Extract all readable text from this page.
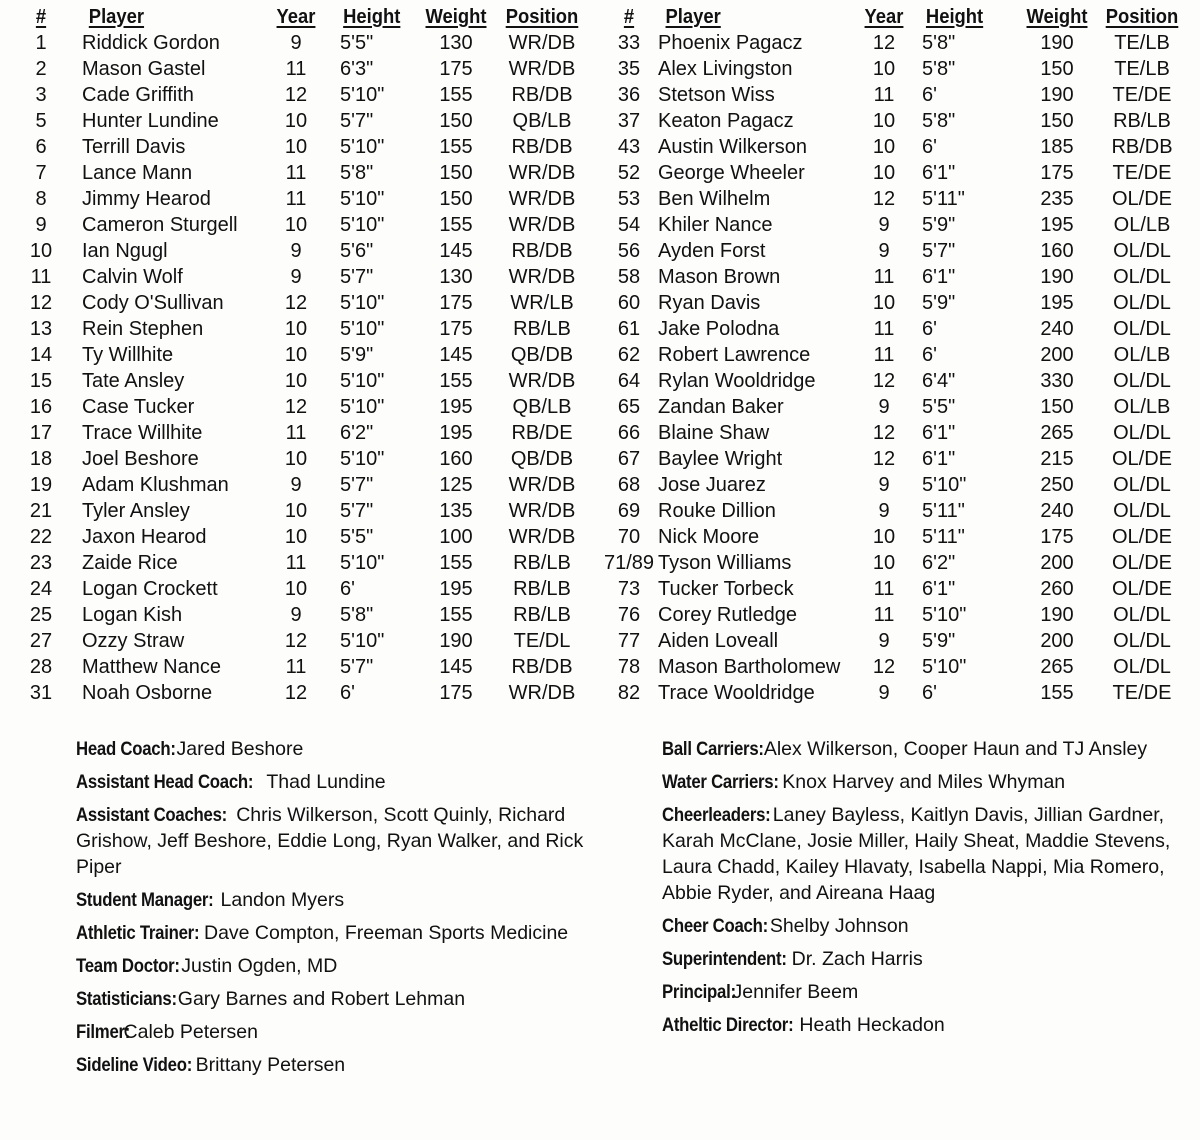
#	Player	Year	Height	Weight	Position
1	Riddick Gordon	9	5'5"	130	WR/DB
2	Mason Gastel	11	6'3"	175	WR/DB
3	Cade Griffith	12	5'10"	155	RB/DB
5	Hunter Lundine	10	5'7"	150	QB/LB
6	Terrill Davis	10	5'10"	155	RB/DB
7	Lance Mann	11	5'8"	150	WR/DB
8	Jimmy Hearod	11	5'10"	150	WR/DB
9	Cameron Sturgell	10	5'10"	155	WR/DB
10	Ian Ngugl	9	5'6"	145	RB/DB
11	Calvin Wolf	9	5'7"	130	WR/DB
12	Cody O'Sullivan	12	5'10"	175	WR/LB
13	Rein Stephen	10	5'10"	175	RB/LB
14	Ty Willhite	10	5'9"	145	QB/DB
15	Tate Ansley	10	5'10"	155	WR/DB
16	Case Tucker	12	5'10"	195	QB/LB
17	Trace Willhite	11	6'2"	195	RB/DE
18	Joel Beshore	10	5'10"	160	QB/DB
19	Adam Klushman	9	5'7"	125	WR/DB
21	Tyler Ansley	10	5'7"	135	WR/DB
22	Jaxon Hearod	10	5'5"	100	WR/DB
23	Zaide Rice	11	5'10"	155	RB/LB
24	Logan Crockett	10	6'	195	RB/LB
25	Logan Kish	9	5'8"	155	RB/LB
27	Ozzy Straw	12	5'10"	190	TE/DL
28	Matthew Nance	11	5'7"	145	RB/DB
31	Noah Osborne	12	6'	175	WR/DB
#	Player	Year	Height	Weight	Position
33	Phoenix Pagacz	12	5'8"	190	TE/LB
35	Alex Livingston	10	5'8"	150	TE/LB
36	Stetson Wiss	11	6'	190	TE/DE
37	Keaton Pagacz	10	5'8"	150	RB/LB
43	Austin Wilkerson	10	6'	185	RB/DB
52	George Wheeler	10	6'1"	175	TE/DE
53	Ben Wilhelm	12	5'11"	235	OL/DE
54	Khiler Nance	9	5'9"	195	OL/LB
56	Ayden Forst	9	5'7"	160	OL/DL
58	Mason Brown	11	6'1"	190	OL/DL
60	Ryan Davis	10	5'9"	195	OL/DL
61	Jake Polodna	11	6'	240	OL/DL
62	Robert Lawrence	11	6'	200	OL/LB
64	Rylan Wooldridge	12	6'4"	330	OL/DL
65	Zandan Baker	9	5'5"	150	OL/LB
66	Blaine Shaw	12	6'1"	265	OL/DL
67	Baylee Wright	12	6'1"	215	OL/DE
68	Jose Juarez	9	5'10"	250	OL/DL
69	Rouke Dillion	9	5'11"	240	OL/DL
70	Nick Moore	10	5'11"	175	OL/DE
71/89	Tyson Williams	10	6'2"	200	OL/DE
73	Tucker Torbeck	11	6'1"	260	OL/DE
76	Corey Rutledge	11	5'10"	190	OL/DL
77	Aiden Loveall	9	5'9"	200	OL/DL
78	Mason Bartholomew	12	5'10"	265	OL/DL
82	Trace Wooldridge	9	6'	155	TE/DE
Head Coach: Jared Beshore
Assistant Head Coach: Thad Lundine
Assistant Coaches: Chris Wilkerson, Scott Quinly, Richard Grishow, Jeff Beshore, Eddie Long, Ryan Walker, and Rick Piper
Student Manager: Landon Myers
Athletic Trainer: Dave Compton, Freeman Sports Medicine
Team Doctor: Justin Ogden, MD
Statisticians: Gary Barnes and Robert Lehman
Filmer: Caleb Petersen
Sideline Video: Brittany Petersen
Ball Carriers: Alex Wilkerson, Cooper Haun and TJ Ansley
Water Carriers: Knox Harvey and Miles Whyman
Cheerleaders: Laney Bayless, Kaitlyn Davis, Jillian Gardner, Karah McClane, Josie Miller, Haily Sheat, Maddie Stevens, Laura Chadd, Kailey Hlavaty, Isabella Nappi, Mia Romero, Abbie Ryder, and Aireana Haag
Cheer Coach: Shelby Johnson
Superintendent: Dr. Zach Harris
Principal: Jennifer Beem
Atheltic Director: Heath Heckadon
